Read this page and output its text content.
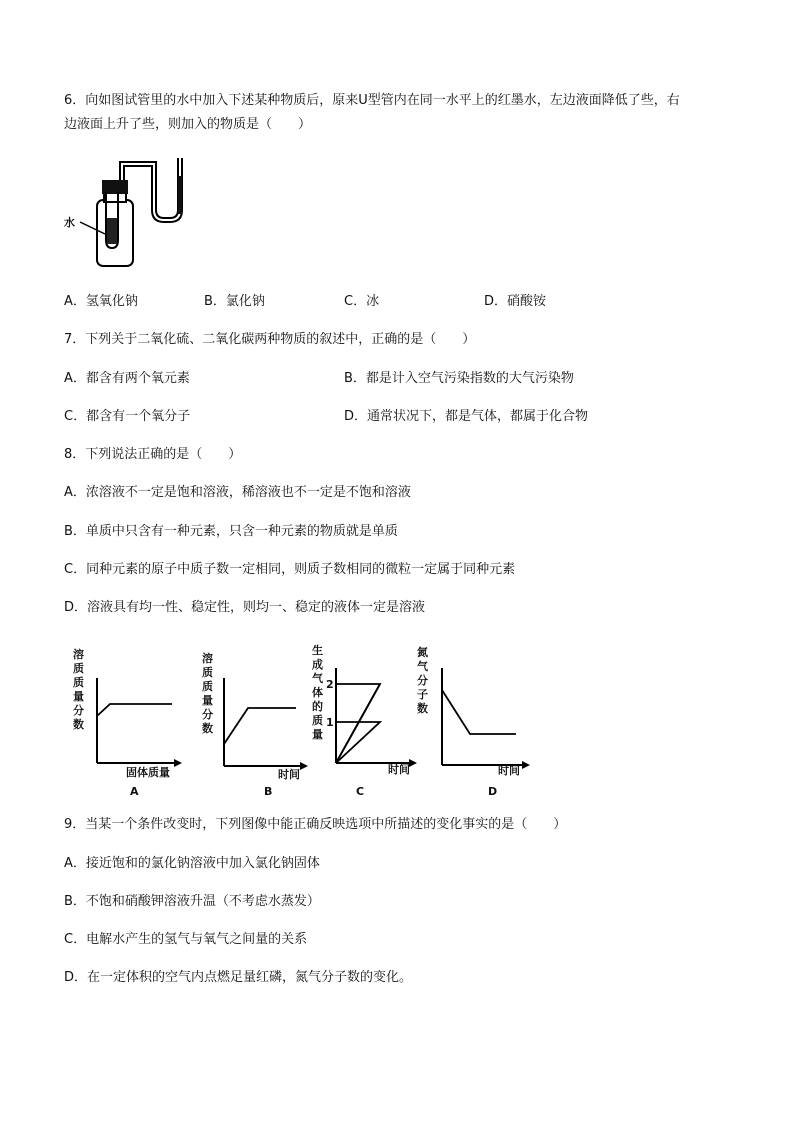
6．向如图试管里的水中加入下述某种物质后，原来U型管内在同一水平上的红墨水，左边液面降低了些，右
边液面上升了些，则加入的物质是（　　）
水
A．氢氧化钠	B．氯化钠	C．冰	D．硝酸铵
7．下列关于二氧化硫、二氧化碳两种物质的叙述中，正确的是（　　）
A．都含有两个氧元素	B．都是计入空气污染指数的大气污染物
C．都含有一个氧分子	D．通常状况下，都是气体，都属于化合物
8．下列说法正确的是（　　）
A．浓溶液不一定是饱和溶液，稀溶液也不一定是不饱和溶液
B．单质中只含有一种元素，只含一种元素的物质就是单质
C．同种元素的原子中质子数一定相同，则质子数相同的微粒一定属于同种元素
D．溶液具有均一性、稳定性，则均一、稳定的液体一定是溶液
溶
质
质
量
分
数
固体质量
A
溶
质
质
量
分
数
时间
B
生
成
气
体
的
质
量
2
1
时间
C
氮
气
分
子
数
时间
D
9．当某一个条件改变时，下列图像中能正确反映选项中所描述的变化事实的是（　　）
A．接近饱和的氯化钠溶液中加入氯化钠固体
B．不饱和硝酸钾溶液升温（不考虑水蒸发）
C．电解水产生的氢气与氧气之间量的关系
D．在一定体积的空气内点燃足量红磷，氮气分子数的变化。
